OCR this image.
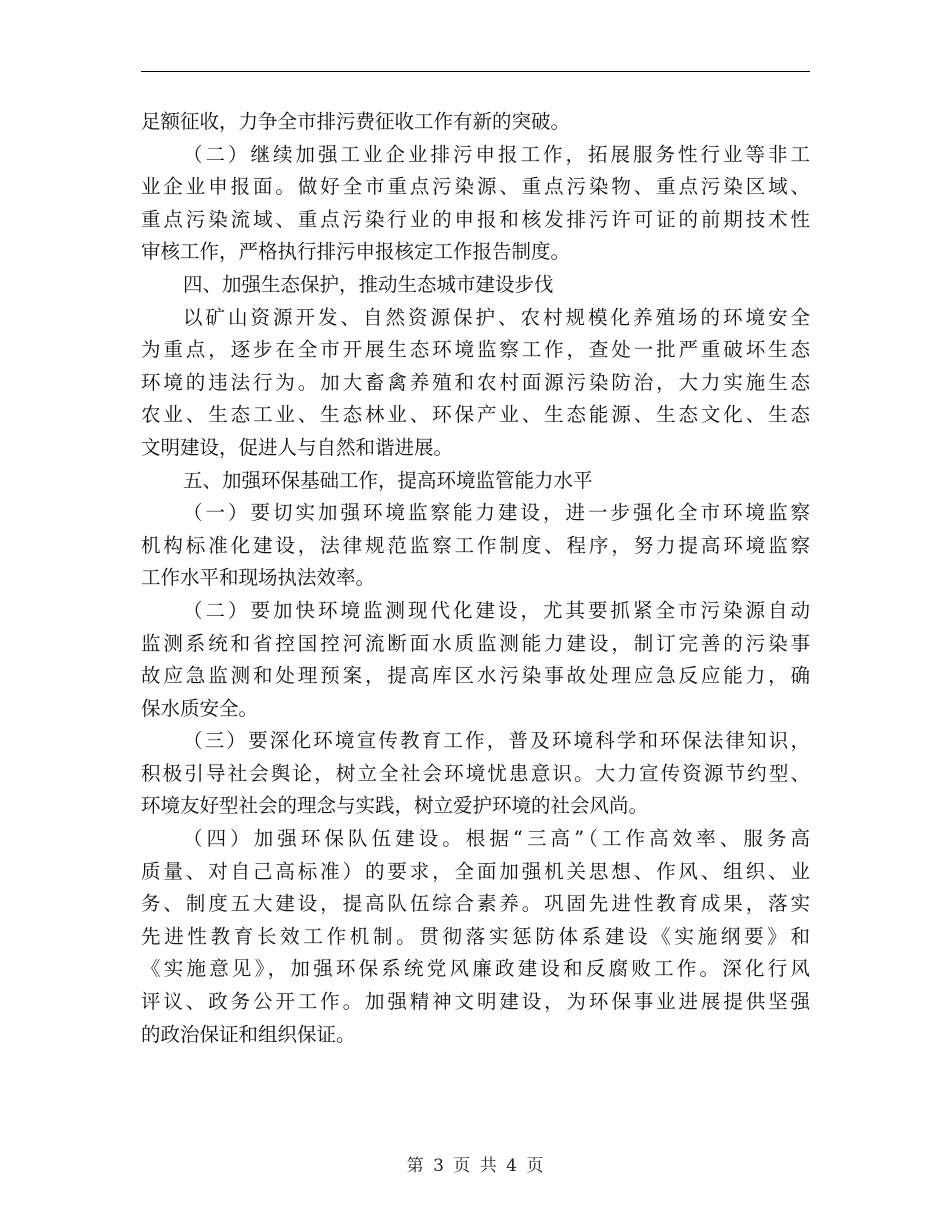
足额征收，力争全市排污费征收工作有新的突破。
（二）继续加强工业企业排污申报工作，拓展服务性行业等非工
业企业申报面。做好全市重点污染源、重点污染物、重点污染区域、
重点污染流域、重点污染行业的申报和核发排污许可证的前期技术性
审核工作，严格执行排污申报核定工作报告制度。
四、加强生态保护，推动生态城市建设步伐
以矿山资源开发、自然资源保护、农村规模化养殖场的环境安全
为重点，逐步在全市开展生态环境监察工作，查处一批严重破坏生态
环境的违法行为。加大畜禽养殖和农村面源污染防治，大力实施生态
农业、生态工业、生态林业、环保产业、生态能源、生态文化、生态
文明建设，促进人与自然和谐进展。
五、加强环保基础工作，提高环境监管能力水平
（一）要切实加强环境监察能力建设，进一步强化全市环境监察
机构标准化建设，法律规范监察工作制度、程序，努力提高环境监察
工作水平和现场执法效率。
（二）要加快环境监测现代化建设，尤其要抓紧全市污染源自动
监测系统和省控国控河流断面水质监测能力建设，制订完善的污染事
故应急监测和处理预案，提高库区水污染事故处理应急反应能力，确
保水质安全。
（三）要深化环境宣传教育工作，普及环境科学和环保法律知识，
积极引导社会舆论，树立全社会环境忧患意识。大力宣传资源节约型、
环境友好型社会的理念与实践，树立爱护环境的社会风尚。
（四）加强环保队伍建设。根据“三高”（工作高效率、服务高
质量、对自己高标准）的要求，全面加强机关思想、作风、组织、业
务、制度五大建设，提高队伍综合素养。巩固先进性教育成果，落实
先进性教育长效工作机制。贯彻落实惩防体系建设《实施纲要》和
《实施意见》，加强环保系统党风廉政建设和反腐败工作。深化行风
评议、政务公开工作。加强精神文明建设，为环保事业进展提供坚强
的政治保证和组织保证。
第 3 页 共 4 页
